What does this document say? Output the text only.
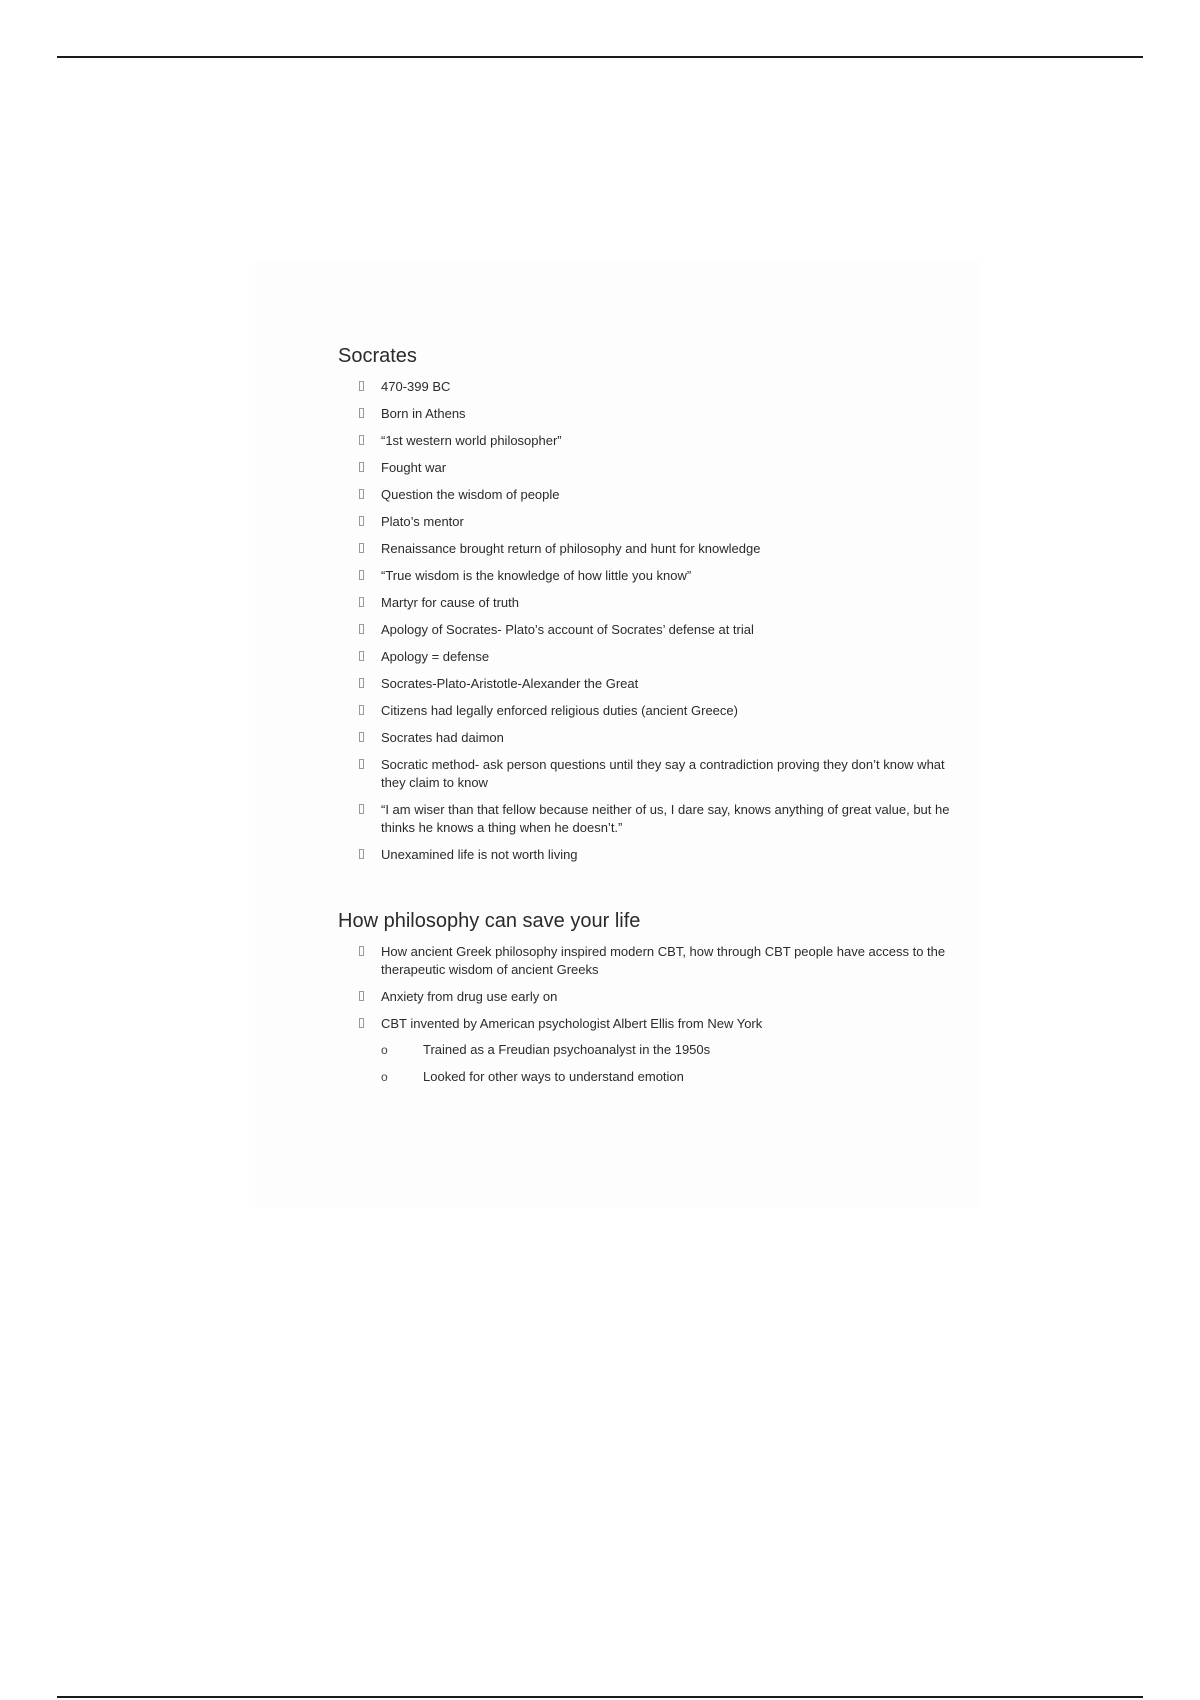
Socrates
470-399 BC
Born in Athens
“1st western world philosopher”
Fought war
Question the wisdom of people
Plato’s mentor
Renaissance brought return of philosophy and hunt for knowledge
“True wisdom is the knowledge of how little you know”
Martyr for cause of truth
Apology of Socrates- Plato’s account of Socrates’ defense at trial
Apology = defense
Socrates-Plato-Aristotle-Alexander the Great
Citizens had legally enforced religious duties (ancient Greece)
Socrates had daimon
Socratic method- ask person questions until they say a contradiction proving they don’t know what they claim to know
“I am wiser than that fellow because neither of us, I dare say, knows anything of great value, but he thinks he knows a thing when he doesn’t.”
Unexamined life is not worth living
How philosophy can save your life
How ancient Greek philosophy inspired modern CBT, how through CBT people have access to the therapeutic wisdom of ancient Greeks
Anxiety from drug use early on
CBT invented by American psychologist Albert Ellis from New York
o	Trained as a Freudian psychoanalyst in the 1950s
o	Looked for other ways to understand emotion
